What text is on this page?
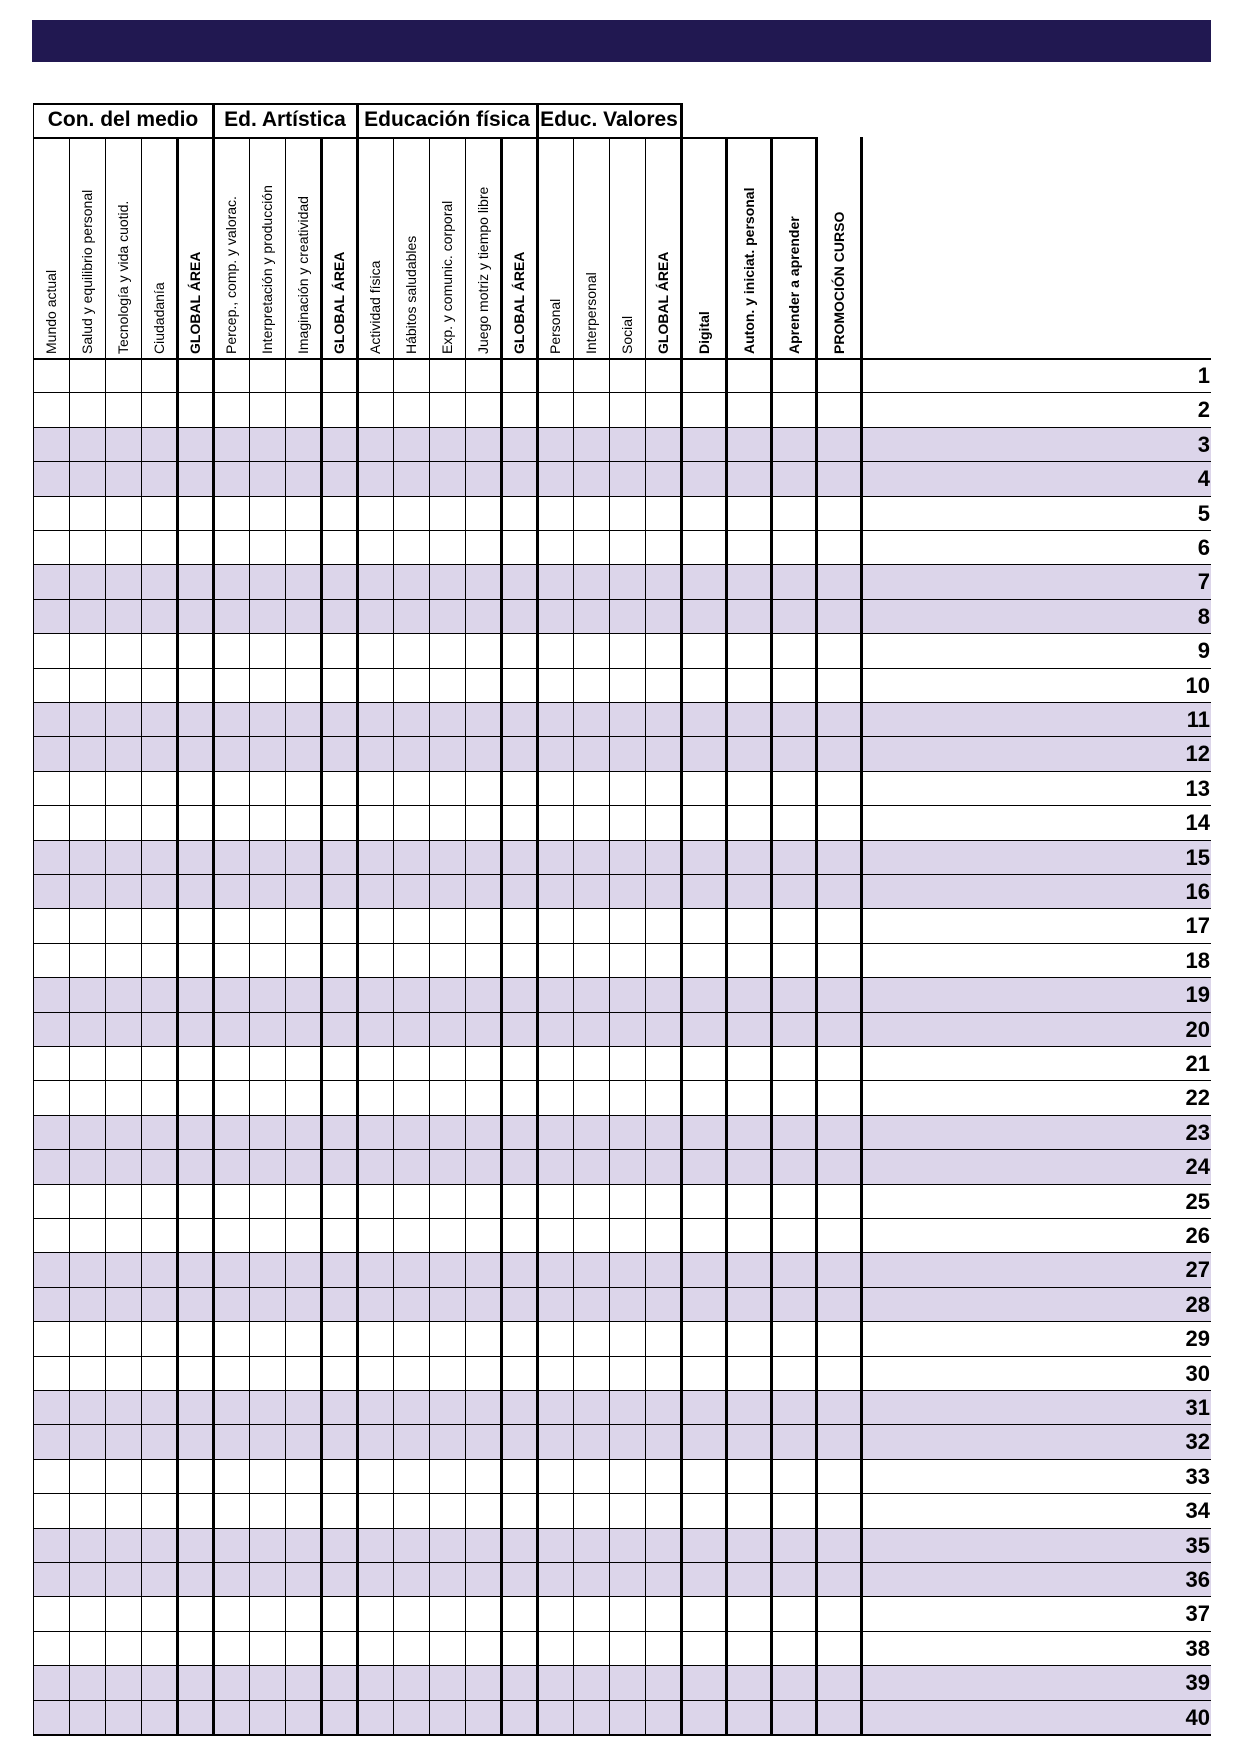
Con. del medio	Ed. Artística Educación física Educ. Valores
Mundo actual Salud y equilibrio personal Tecnología y vida cuotid. Ciudadanía GLOBAL ÁREA Percep., comp. y valorac. Interpretación y producción Imaginación y creatividad GLOBAL ÁREA Actividad física Hábitos saludables Exp. y comunic. corporal Juego motriz y tiempo libre GLOBAL ÁREA Personal Interpersonal Social GLOBAL ÁREA Digital Auton. y iniciat. personal Aprender a aprender PROMOCIÓN CURSO
1
2
3
4
5
6
7
8
9
10
11
12
13
14
15
16
17
18
19
20
21
22
23
24
25
26
27
28
29
30
31
32
33
34
35
36
37
38
39
40
